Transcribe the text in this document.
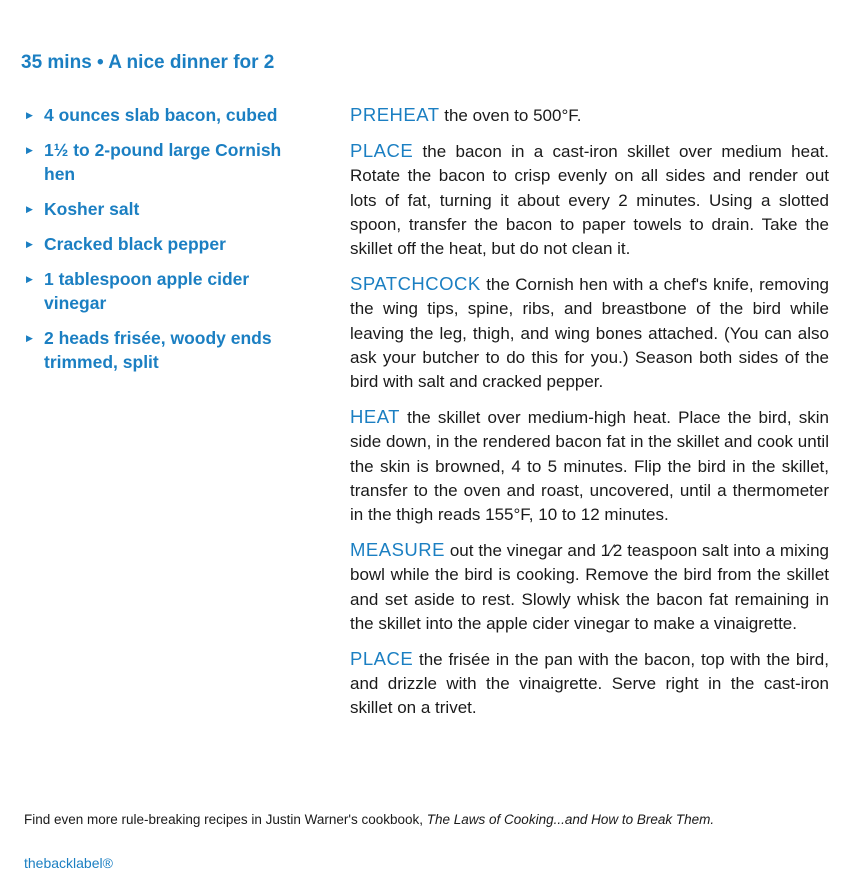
35 mins • A nice dinner for 2
▶ 4 ounces slab bacon, cubed
▶ 1½ to 2-pound large Cornish hen
▶ Kosher salt
▶ Cracked black pepper
▶ 1 tablespoon apple cider vinegar
▶ 2 heads frisée, woody ends trimmed, split

PREHEAT the oven to 500°F.

PLACE the bacon in a cast-iron skillet over medium heat. Rotate the bacon to crisp evenly on all sides and render out lots of fat, turning it about every 2 minutes. Using a slotted spoon, transfer the bacon to paper towels to drain. Take the skillet off the heat, but do not clean it.

SPATCHCOCK the Cornish hen with a chef's knife, removing the wing tips, spine, ribs, and breastbone of the bird while leaving the leg, thigh, and wing bones attached. (You can also ask your butcher to do this for you.) Season both sides of the bird with salt and cracked pepper.

HEAT the skillet over medium-high heat. Place the bird, skin side down, in the rendered bacon fat in the skillet and cook until the skin is browned, 4 to 5 minutes. Flip the bird in the skillet, transfer to the oven and roast, uncovered, until a thermometer in the thigh reads 155°F, 10 to 12 minutes.

MEASURE out the vinegar and 1⁄2 teaspoon salt into a mixing bowl while the bird is cooking. Remove the bird from the skillet and set aside to rest. Slowly whisk the bacon fat remaining in the skillet into the apple cider vinegar to make a vinaigrette.

PLACE the frisée in the pan with the bacon, top with the bird, and drizzle with the vinaigrette. Serve right in the cast-iron skillet on a trivet.

Find even more rule-breaking recipes in Justin Warner's cookbook, The Laws of Cooking...and How to Break Them.
thebacklabel®
